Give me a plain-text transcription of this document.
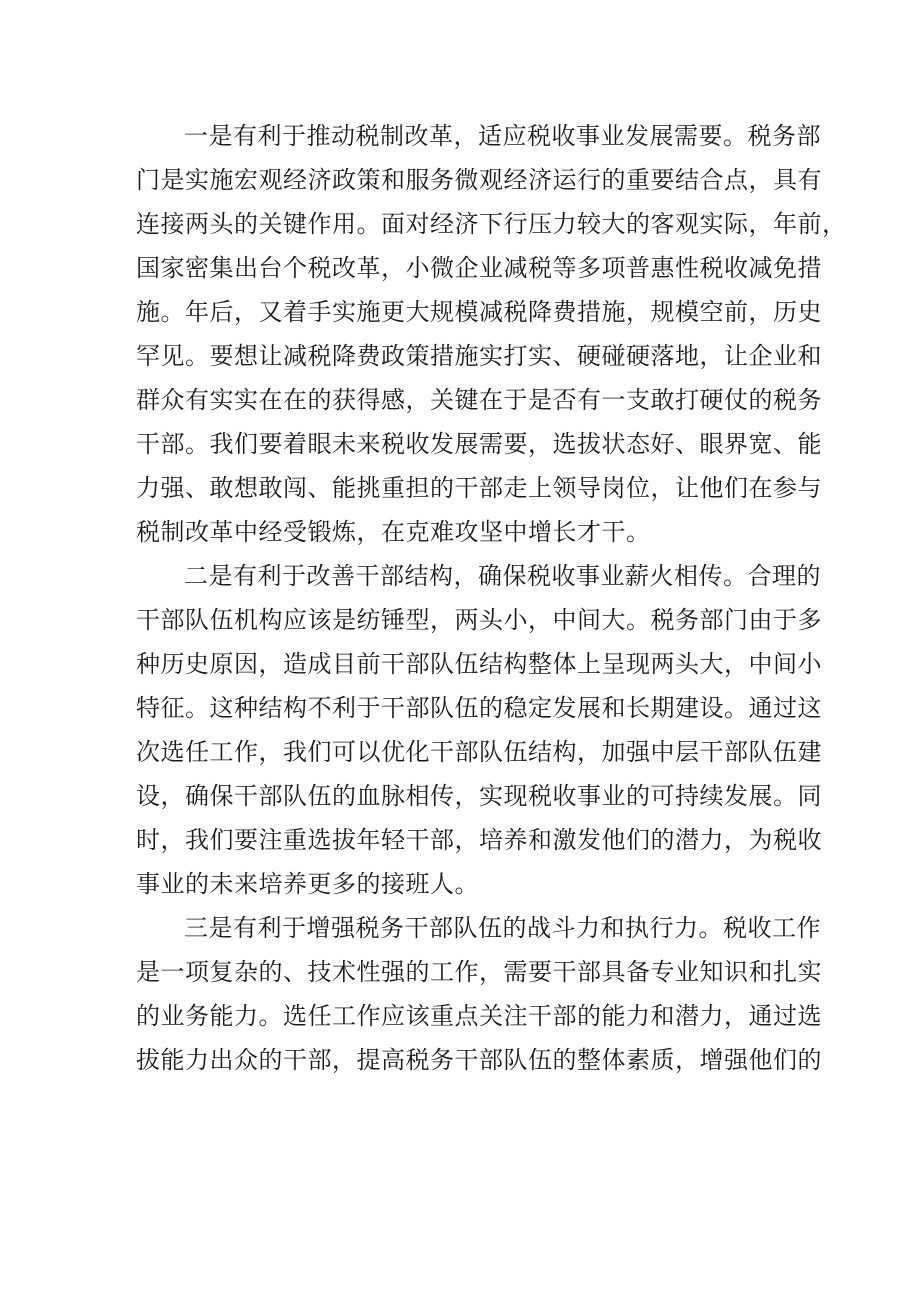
一是有利于推动税制改革，适应税收事业发展需要。税务部
门是实施宏观经济政策和服务微观经济运行的重要结合点，具有
连接两头的关键作用。面对经济下行压力较大的客观实际，年前，
国家密集出台个税改革，小微企业减税等多项普惠性税收减免措
施。年后，又着手实施更大规模减税降费措施，规模空前，历史
罕见。要想让减税降费政策措施实打实、硬碰硬落地，让企业和
群众有实实在在的获得感，关键在于是否有一支敢打硬仗的税务
干部。我们要着眼未来税收发展需要，选拔状态好、眼界宽、能
力强、敢想敢闯、能挑重担的干部走上领导岗位，让他们在参与
税制改革中经受锻炼，在克难攻坚中增长才干。
二是有利于改善干部结构，确保税收事业薪火相传。合理的
干部队伍机构应该是纺锤型，两头小，中间大。税务部门由于多
种历史原因，造成目前干部队伍结构整体上呈现两头大，中间小
特征。这种结构不利于干部队伍的稳定发展和长期建设。通过这
次选任工作，我们可以优化干部队伍结构，加强中层干部队伍建
设，确保干部队伍的血脉相传，实现税收事业的可持续发展。同
时，我们要注重选拔年轻干部，培养和激发他们的潜力，为税收
事业的未来培养更多的接班人。
三是有利于增强税务干部队伍的战斗力和执行力。税收工作
是一项复杂的、技术性强的工作，需要干部具备专业知识和扎实
的业务能力。选任工作应该重点关注干部的能力和潜力，通过选
拔能力出众的干部，提高税务干部队伍的整体素质，增强他们的
